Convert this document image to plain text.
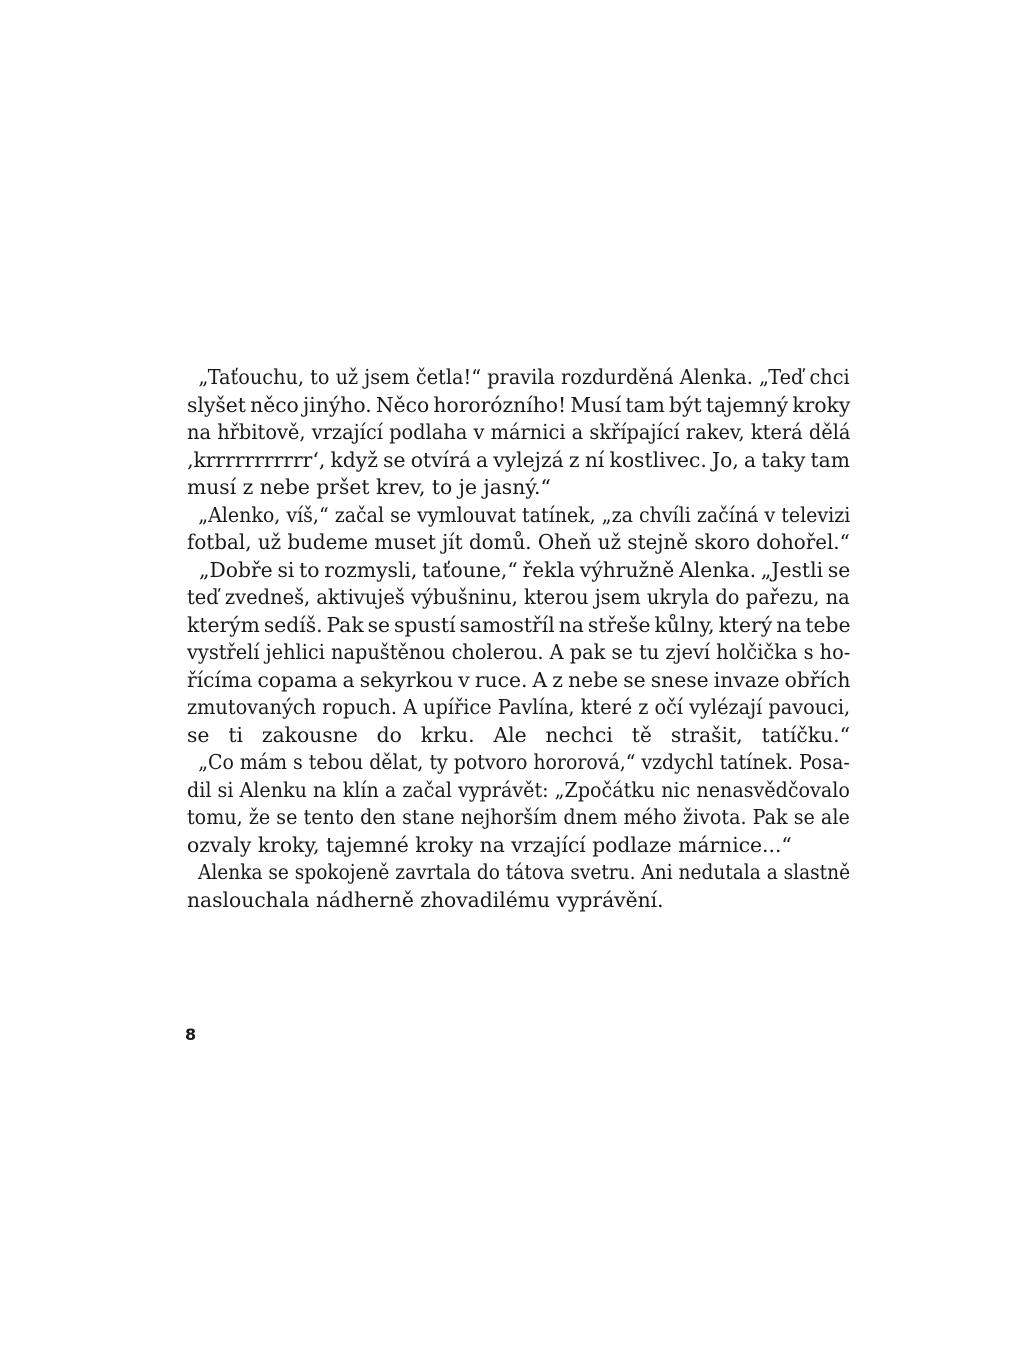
„Taťouchu, to už jsem četla!“ pravila rozdurděná Alenka. „Teď chci
slyšet něco jinýho. Něco hororózního! Musí tam být tajemný kroky
na hřbitově, vrzající podlaha v márnici a skřípající rakev, která dělá
‚krrrrrrrrrrr‘, když se otvírá a vylejzá z ní kostlivec. Jo, a taky tam
musí z nebe pršet krev, to je jasný.“
„Alenko, víš,“ začal se vymlouvat tatínek, „za chvíli začíná v televizi
fotbal, už budeme muset jít domů. Oheň už stejně skoro dohořel.“
„Dobře si to rozmysli, taťoune,“ řekla výhružně Alenka. „Jestli se
teď zvedneš, aktivuješ výbušninu, kterou jsem ukryla do pařezu, na
kterým sedíš. Pak se spustí samostříl na střeše kůlny, který na tebe
vystřelí jehlici napuštěnou cholerou. A pak se tu zjeví holčička s ho-
řícíma copama a sekyrkou v ruce. A z nebe se snese invaze obřích
zmutovaných ropuch. A upířice Pavlína, které z očí vylézají pavouci,
se ti zakousne do krku. Ale nechci tě strašit, tatíčku.“
„Co mám s tebou dělat, ty potvoro hororová,“ vzdychl tatínek. Posa-
dil si Alenku na klín a začal vyprávět: „Zpočátku nic nenasvědčovalo
tomu, že se tento den stane nejhorším dnem mého života. Pak se ale
ozvaly kroky, tajemné kroky na vrzající podlaze márnice...“
Alenka se spokojeně zavrtala do tátova svetru. Ani nedutala a slastně
naslouchala nádherně zhovadilému vyprávění.
8
